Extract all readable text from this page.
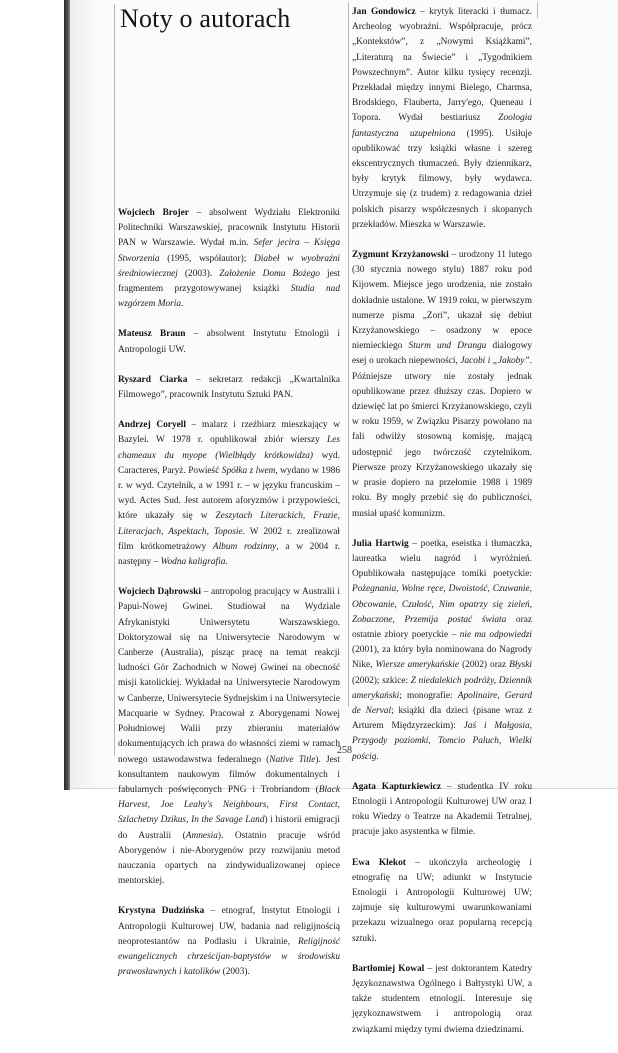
Noty o autorach

Wojciech Brojer – absolwent Wydziału Elektroniki Politechniki Warszawskiej, pracownik Instytutu Historii PAN w Warszawie. Wydał m.in. Sefer jecira – Księga Stworzenia (1995, współautor); Diabeł w wyobraźni średniowiecznej (2003). Założenie Domu Bożego jest fragmentem przygotowywanej książki Studia nad wzgórzem Moria.

Mateusz Braun – absolwent Instytutu Etnologii i Antropologii UW.

Ryszard Ciarka – sekretarz redakcji „Kwartalnika Filmowego”, pracownik Instytutu Sztuki PAN.

Andrzej Coryell – malarz i rzeźbiarz mieszkający w Bazylei. W 1978 r. opublikował zbiór wierszy Les chameaux du myope (Wielbłądy krótkowidza) wyd. Caracteres, Paryż. Powieść Spółka z lwem, wydano w 1986 r. w wyd. Czytelnik, a w 1991 r. – w języku francuskim – wyd. Actes Sud. Jest autorem aforyzmów i przypowieści, które ukazały się w Zeszytach Literackich, Frazie, Literacjach, Aspektach, Toposie. W 2002 r. zrealizował film krótkometrażowy Album rodzinny, a w 2004 r. następny – Wodna kaligrafia.

Wojciech Dąbrowski – antropolog pracujący w Australii i Papui-Nowej Gwinei. Studiował na Wydziale Afrykanistyki Uniwersytetu Warszawskiego. Doktoryzował się na Uniwersytecie Narodowym w Canberze (Australia), pisząc pracę na temat reakcji ludności Gór Zachodnich w Nowej Gwinei na obecność misji katolickiej. Wykładał na Uniwersytecie Narodowym w Canberze, Uniwersytecie Sydnejskim i na Uniwersytecie Macquarie w Sydney. Pracował z Aborygenami Nowej Południowej Walii przy zbieraniu materiałów dokumentujących ich prawa do własności ziemi w ramach nowego ustawodawstwa federalnego (Native Title). Jest konsultantem naukowym filmów dokumentalnych i fabularnych poświęconych PNG i Trobriandom (Black Harvest, Joe Leahy's Neighbours, First Contact, Szlachetny Dzikus, In the Savage Land) i historii emigracji do Australii (Amnesia). Ostatnio pracuje wśród Aborygenów i nie-Aborygenów przy rozwijaniu metod nauczania opartych na zindywidualizowanej opiece mentorskiej.

Krystyna Dudzińska – etnograf, Instytut Etnologii i Antropologii Kulturowej UW, badania nad religijnością neoprotestantów na Podlasiu i Ukrainie, Religijność ewangelicznych chrześcijan-baptystów w środowisku prawosławnych i katolików (2003).

Jan Gondowicz – krytyk literacki i tłumacz. Archeolog wyobraźni. Współpracuje, prócz „Kontekstów”, z „Nowymi Książkami”, „Literaturą na Świecie” i „Tygodnikiem Powszechnym”. Autor kilku tysięcy recenzji. Przekładał między innymi Bielego, Charmsa, Brodskiego, Flauberta, Jarry'ego, Queneau i Topora. Wydał bestiariusz Zoologia fantastyczna uzupełniona (1995). Usiłuje opublikować trzy książki własne i szereg ekscentrycznych tłumaczeń. Były dziennikarz, były krytyk filmowy, były wydawca. Utrzymuje się (z trudem) z redagowania dzieł polskich pisarzy współczesnych i skopanych przekładów. Mieszka w Warszawie.

Zygmunt Krzyżanowski – urodzony 11 lutego (30 stycznia nowego stylu) 1887 roku pod Kijowem. Miejsce jego urodzenia, nie zostało dokładnie ustalone. W 1919 roku, w pierwszym numerze pisma „Zori”, ukazał się debiut Krzyżanowskiego – osadzony w epoce niemieckiego Sturm und Drangu dialogowy esej o urokach niepewności, Jacobi i „Jakoby”. Późniejsze utwory nie zostały jednak opublikowane przez dłuższy czas. Dopiero w dziewięć lat po śmierci Krzyżanowskiego, czyli w roku 1959, w Związku Pisarzy powołano na fali odwilży stosowną komisję, mającą udostępnić jego twórczość czytelnikom. Pierwsze prozy Krzyżanowskiego ukazały się w prasie dopiero na przełomie 1988 i 1989 roku. By mogły przebić się do publiczności, musiał upaść komunizm.

Julia Hartwig – poetka, eseistka i tłumaczka, laureatka wielu nagród i wyróżnień. Opublikowała następujące tomiki poetyckie: Pożegnania, Wolne ręce, Dwoistość, Czuwanie, Obcowanie, Czułość, Nim opatrzy się zieleń, Zobaczone, Przemija postać świata oraz ostatnie zbiory poetyckie – nie ma odpowiedzi (2001), za który była nominowana do Nagrody Nike, Wiersze amerykańskie (2002) oraz Błyski (2002); szkice: Z niedalekich podróży, Dziennik amerykański; monografie: Apolinaire, Gerard de Nerval; książki dla dzieci (pisane wraz z Arturem Międzyrzeckim): Jaś i Małgosia, Przygody poziomki, Tomcio Paluch, Wielki pościg.

Agata Kapturkiewicz – studentka IV roku Etnologii i Antropologii Kulturowej UW oraz I roku Wiedzy o Teatrze na Akademii Tetralnej, pracuje jako asystentka w filmie.

Ewa Klekot – ukończyła archeologię i etnografię na UW; adiunkt w Instytucie Etnologii i Antropologii Kulturowej UW; zajmuje się kulturowymi uwarunkowaniami przekazu wizualnego oraz popularną recepcją sztuki.

Bartłomiej Kowal – jest doktorantem Katedry Językoznawstwa Ogólnego i Bałtystyki UW, a także studentem etnologii. Interesuje się językoznawstwem i antropologią oraz związkami między tymi dwiema dziedzinami.

258
